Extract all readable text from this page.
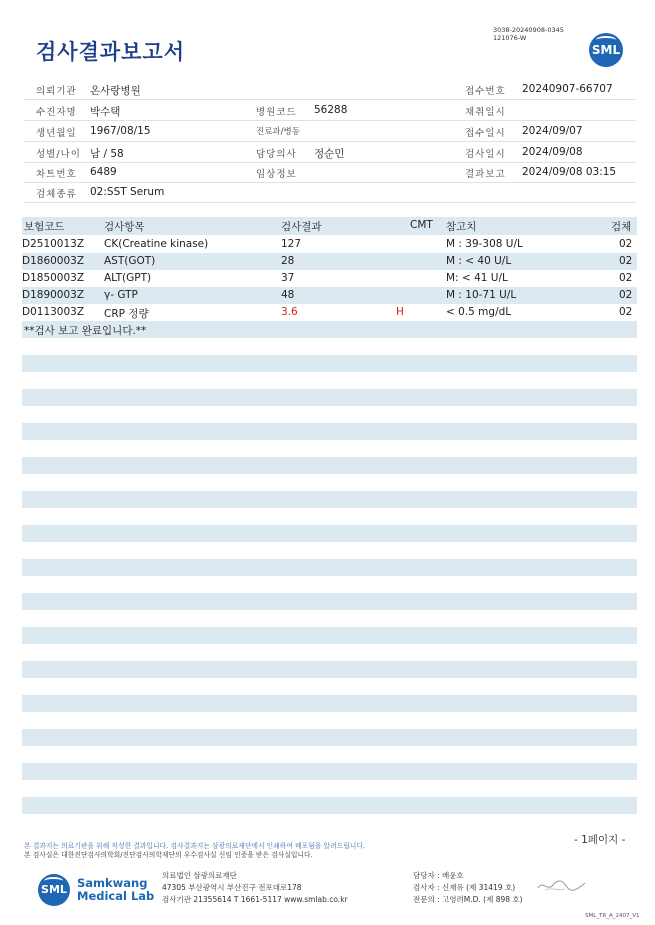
검사결과보고서
3038-20240908-0345
121076-W
SML
의뢰기관 온사랑병원	접수번호 20240907-66707
수진자명 박수택	병원코드 56288	채취일시
생년월일 1967/08/15	진료과/병동	접수일시 2024/09/07
성별/나이 남 / 58	담당의사 정순민	검사일시 2024/09/08
차트번호 6489	임상정보	결과보고 2024/09/08 03:15
검체종류 02:SST Serum
보험코드	검사항목	검사결과	CMT 참고치	검체
D2510013Z CK(Creatine kinase)	127	M : 39-308 U/L	02
D1860003Z AST(GOT)	28	M : < 40 U/L	02
D1850003Z ALT(GPT)	37	M: < 41 U/L	02
D1890003Z γ- GTP	48	M : 10-71 U/L	02
D0113003Z CRP 정량	3.6	H	< 0.5 mg/dL	02
**검사 보고 완료입니다.**
- 1페이지 -
본 결과지는 의료기관을 위해 작성한 결과입니다. 검사결과지는 삼광의료재단에서 인쇄하여 배포됨을 알려드립니다.
본 검사실은 대한진단검사의학회/진단검사의학재단의 우수검사실 신임 인증을 받은 검사실입니다.
SML Samkwang
Medical Lab
의료법인 삼광의료재단
47305 부산광역시 부산진구 전포대로178
검사기관 21355614 T 1661-5117 www.smlab.co.kr
담당자 : 배윤호
검사자 : 신재유 (제 31419 호)
전문의 : 고영려M.D. (제 898 호)
SML_TR_A_2407_V1
